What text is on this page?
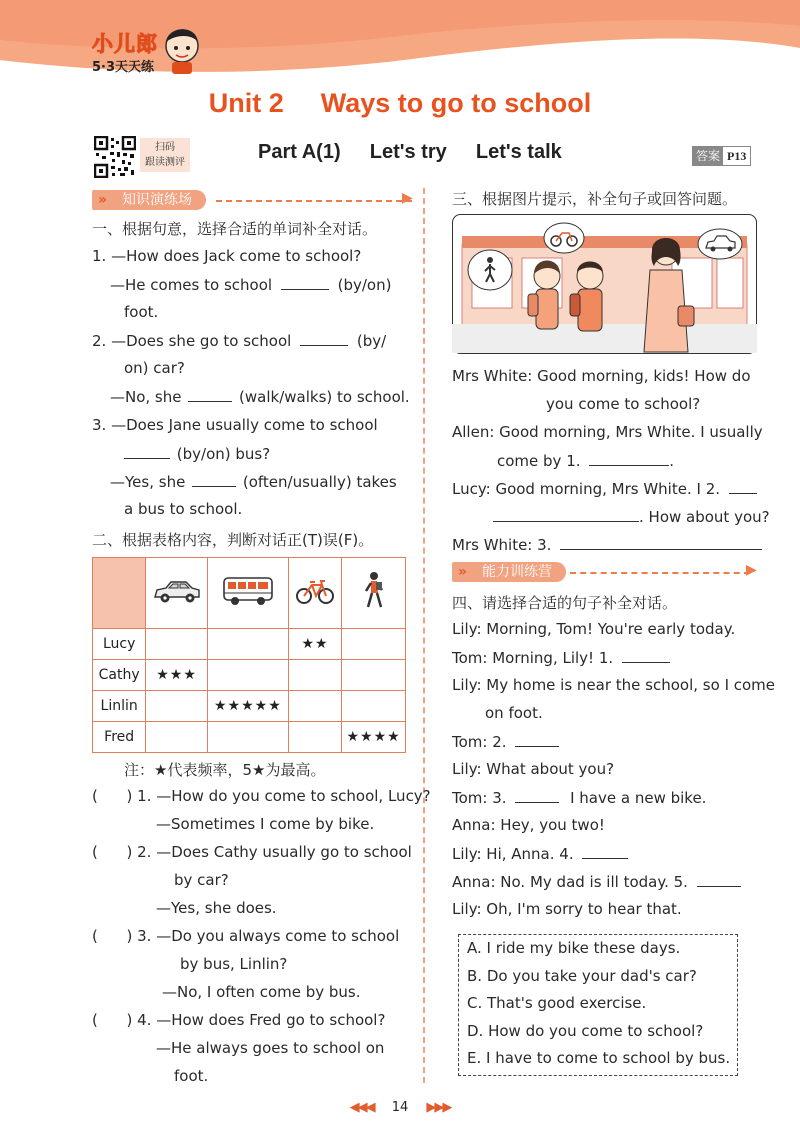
小儿郎
5·3天天练
Unit 2 Ways to go to school
扫码
跟读测评	Part A(1) Let's try Let's talk	答案 P13
» 知识演练场	▶
一、根据句意，选择合适的单词补全对话。
1. —How does Jack come to school?
—He comes to school	(by/on)
foot.
2. —Does she go to school	(by/
on) car?
—No, she	(walk/walks) to school.
3. —Does Jane usually come to school
(by/on) bus?
—Yes, she	(often/usually) takes
a bus to school.
二、根据表格内容，判断对话正(T)误(F)。

Lucy			★★	
Cathy	★★★			
Linlin		★★★★★		
Fred				★★★★
注：★代表频率，5★为最高。
(      ) 1. —How do you come to school, Lucy?
—Sometimes I come by bike.
(      ) 2. —Does Cathy usually go to school
by car?
—Yes, she does.
(      ) 3. —Do you always come to school
by bus, Linlin?
—No, I often come by bus.
(      ) 4. —How does Fred go to school?
—He always goes to school on
foot.
三、根据图片提示，补全句子或回答问题。
Mrs White: Good morning, kids! How do
you come to school?
Allen: Good morning, Mrs White. I usually
come by 1.	.
Lucy: Good morning, Mrs White. I 2.
. How about you?
Mrs White: 3.
» 能力训练营	▶
四、请选择合适的句子补全对话。
Lily: Morning, Tom! You're early today.
Tom: Morning, Lily! 1.
Lily: My home is near the school, so I come
on foot.
Tom: 2.
Lily: What about you?
Tom: 3.	I have a new bike.
Anna: Hey, you two!
Lily: Hi, Anna. 4.
Anna: No. My dad is ill today. 5.
Lily: Oh, I'm sorry to hear that.
A. I ride my bike these days.
B. Do you take your dad's car?
C. That's good exercise.
D. How do you come to school?
E. I have to come to school by bus.
◀◀◀ 14 ▶▶▶
